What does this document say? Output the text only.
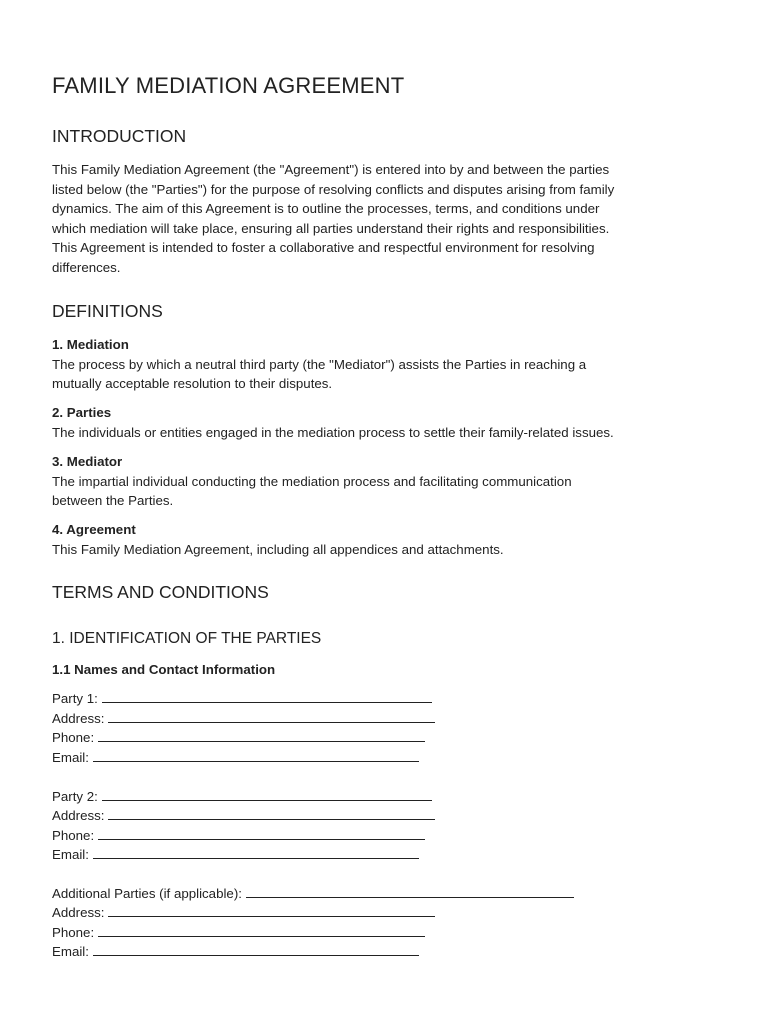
FAMILY MEDIATION AGREEMENT
INTRODUCTION
This Family Mediation Agreement (the "Agreement") is entered into by and between the parties
listed below (the "Parties") for the purpose of resolving conflicts and disputes arising from family
dynamics. The aim of this Agreement is to outline the processes, terms, and conditions under
which mediation will take place, ensuring all parties understand their rights and responsibilities.
This Agreement is intended to foster a collaborative and respectful environment for resolving
differences.
DEFINITIONS
1. Mediation
The process by which a neutral third party (the "Mediator") assists the Parties in reaching a
mutually acceptable resolution to their disputes.
2. Parties
The individuals or entities engaged in the mediation process to settle their family-related issues.
3. Mediator
The impartial individual conducting the mediation process and facilitating communication
between the Parties.
4. Agreement
This Family Mediation Agreement, including all appendices and attachments.
TERMS AND CONDITIONS
1. IDENTIFICATION OF THE PARTIES
1.1 Names and Contact Information
Party 1:
Address:
Phone:
Email:
Party 2:
Address:
Phone:
Email:
Additional Parties (if applicable):
Address:
Phone:
Email:
